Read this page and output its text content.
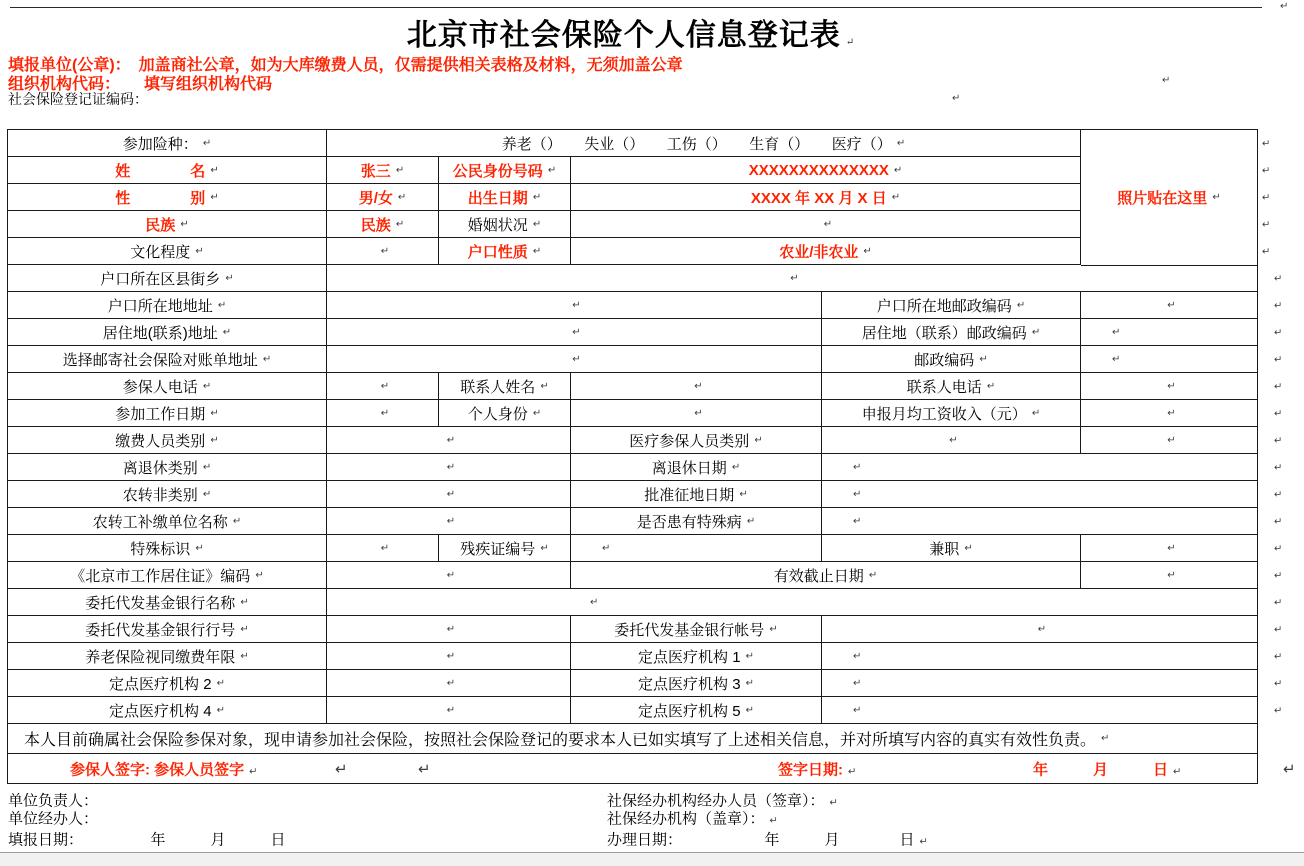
↵
北京市社会保险个人信息登记表 ↵
填报单位(公章)：　加盖商社公章，如为大库缴费人员，仅需提供相关表格及材料，无须加盖公章
组织机构代码：　　填写组织机构代码	↵
社会保险登记证编码：	↵
参加险种： ↵	养老（）　　失业（）　　工伤（）　　生育（）　　医疗（） ↵	↵
姓　　　　名 ↵	张三 ↵	公民身份号码 ↵	XXXXXXXXXXXXXX ↵	↵
性　　　　别 ↵	男/女 ↵	出生日期 ↵	XXXX 年 XX 月 X 日 ↵	↵
民族 ↵	民族 ↵	婚姻状况 ↵	↵	↵
文化程度 ↵	↵	户口性质 ↵	农业/非农业 ↵	↵
户口所在区县街乡 ↵	↵	↵
户口所在地地址 ↵	↵	户口所在地邮政编码 ↵	↵	↵
居住地(联系)地址 ↵	↵	居住地（联系）邮政编码 ↵	↵	↵
选择邮寄社会保险对账单地址 ↵	↵	邮政编码 ↵	↵	↵
参保人电话 ↵	↵	联系人姓名 ↵	↵	联系人电话 ↵	↵	↵
参加工作日期 ↵	↵	个人身份 ↵	↵	申报月均工资收入（元） ↵	↵	↵
缴费人员类别 ↵	↵	医疗参保人员类别 ↵	↵	↵	↵
离退休类别 ↵	↵	离退休日期 ↵	↵	↵
农转非类别 ↵	↵	批准征地日期 ↵	↵	↵
农转工补缴单位名称 ↵	↵	是否患有特殊病 ↵	↵	↵
特殊标识 ↵	↵	残疾证编号 ↵	↵	兼职 ↵	↵	↵
《北京市工作居住证》编码 ↵	↵	有效截止日期 ↵	↵	↵
委托代发基金银行名称 ↵	↵	↵
委托代发基金银行行号 ↵	↵	委托代发基金银行帐号 ↵	↵	↵
养老保险视同缴费年限 ↵	↵	定点医疗机构 1 ↵	↵	↵
定点医疗机构 2 ↵	↵	定点医疗机构 3 ↵	↵	↵
定点医疗机构 4 ↵	↵	定点医疗机构 5 ↵	↵	↵
本人目前确属社会保险参保对象，现申请参加社会保险，按照社会保险登记的要求本人已如实填写了上述相关信息，并对所填写内容的真实有效性负责。 ↵
参保人签字: 参保人员签字 ↵	↵	↵	签字日期: ↵	年　　　月　　　日 ↵	↵
照片贴在这里 ↵
单位负责人：	社保经办机构经办人员（签章）： ↵
单位经办人：	社保经办机构（盖章）： ↵
填报日期：　　　　　年　　　月　　　日	办理日期：　　　　　　年　　　月　　　　日 ↵
